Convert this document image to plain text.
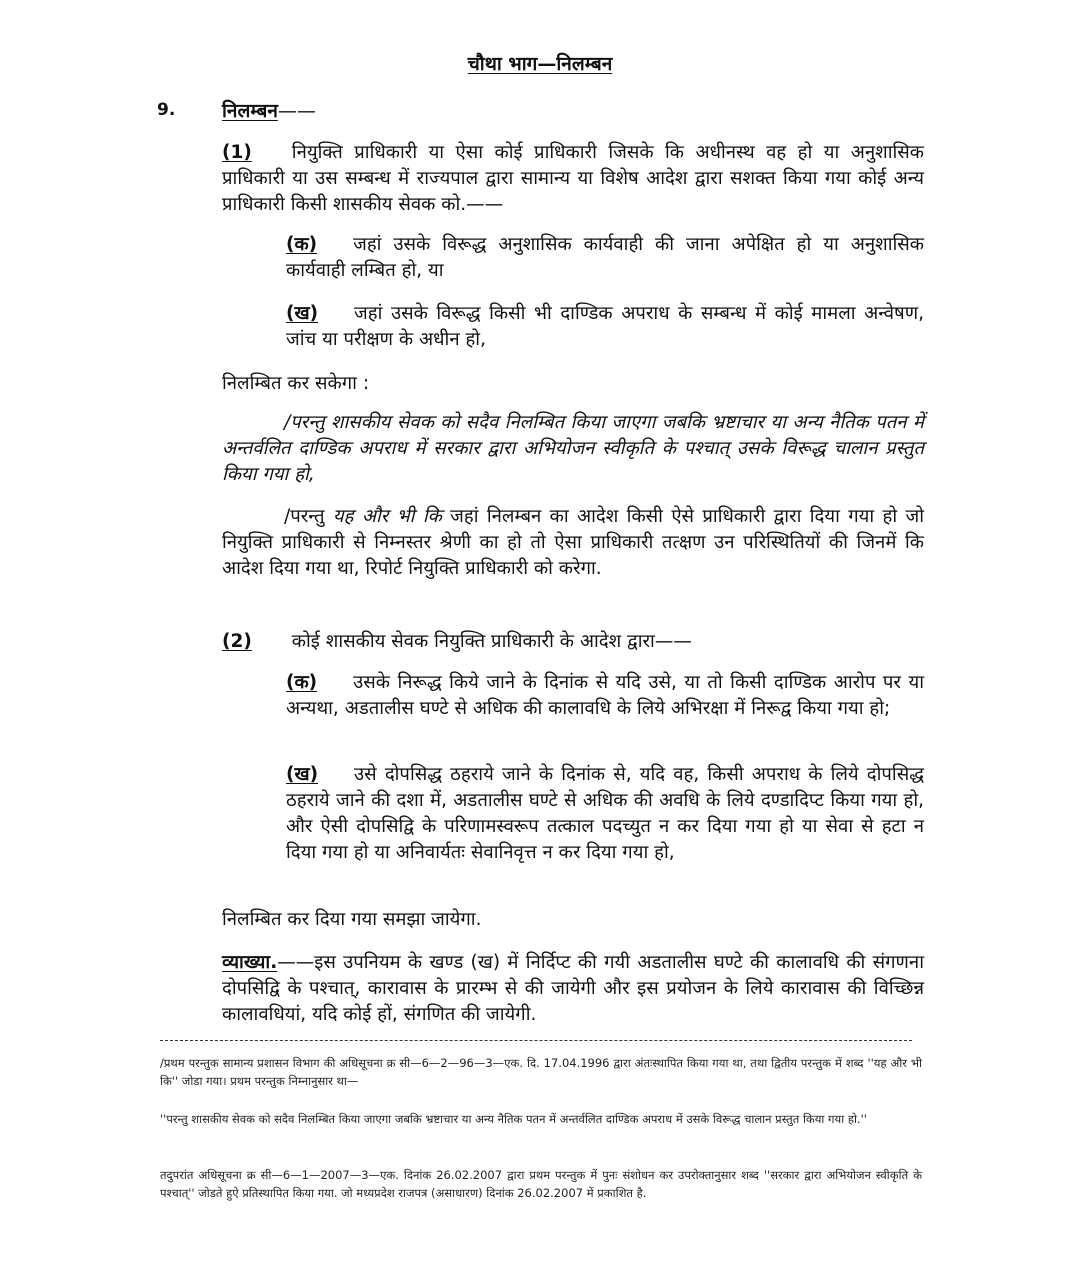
चौथा भाग—निलम्बन
9. निलम्बन——
(1) नियुक्ति प्राधिकारी या ऐसा कोई प्राधिकारी जिसके कि अधीनस्थ वह हो या अनुशासिक प्राधिकारी या उस सम्बन्ध में राज्यपाल द्वारा सामान्य या विशेष आदेश द्वारा सशक्त किया गया कोई अन्य प्राधिकारी किसी शासकीय सेवक को.——
(क) जहां उसके विरूद्ध अनुशासिक कार्यवाही की जाना अपेक्षित हो या अनुशासिक कार्यवाही लम्बित हो, या
(ख) जहां उसके विरूद्ध किसी भी दाण्डिक अपराध के सम्बन्ध में कोई मामला अन्वेषण, जांच या परीक्षण के अधीन हो,
निलम्बित कर सकेगा :
/परन्तु शासकीय सेवक को सदैव निलम्बित किया जाएगा जबकि भ्रष्टाचार या अन्य नैतिक पतन में अन्तर्वलित दाण्डिक अपराध में सरकार द्वारा अभियोजन स्वीकृति के पश्चात् उसके विरूद्ध चालान प्रस्तुत किया गया हो,
/परन्तु यह और भी कि जहां निलम्बन का आदेश किसी ऐसे प्राधिकारी द्वारा दिया गया हो जो नियुक्ति प्राधिकारी से निम्नस्तर श्रेणी का हो तो ऐसा प्राधिकारी तत्क्षण उन परिस्थितियों की जिनमें कि आदेश दिया गया था, रिपोर्ट नियुक्ति प्राधिकारी को करेगा.
(2) कोई शासकीय सेवक नियुक्ति प्राधिकारी के आदेश द्वारा——
(क) उसके निरूद्ध किये जाने के दिनांक से यदि उसे, या तो किसी दाण्डिक आरोप पर या अन्यथा, अडतालीस घण्टे से अधिक की कालावधि के लिये अभिरक्षा में निरूद्व किया गया हो;
(ख) उसे दोपसिद्ध ठहराये जाने के दिनांक से, यदि वह, किसी अपराध के लिये दोपसिद्ध ठहराये जाने की दशा में, अडतालीस घण्टे से अधिक की अवधि के लिये दण्डादिप्ट किया गया हो, और ऐसी दोपसिद्वि के परिणामस्वरूप तत्काल पदच्युत न कर दिया गया हो या सेवा से हटा न दिया गया हो या अनिवार्यतः सेवानिवृत्त न कर दिया गया हो,
निलम्बित कर दिया गया समझा जायेगा.
व्याख्या.——इस उपनियम के खण्ड (ख) में निर्दिप्ट की गयी अडतालीस घण्टे की कालावधि की संगणना दोपसिद्वि के पश्चात्, कारावास के प्रारम्भ से की जायेगी और इस प्रयोजन के लिये कारावास की विच्छिन्न कालावधियां, यदि कोई हों, संगणित की जायेगी.
/प्रथम परन्तुक सामान्य प्रशासन विभाग की अधिसूचना क्र सी—6—2—96—3—एक. दि. 17.04.1996 द्वारा अंतःस्थापित किया गया था, तथा द्वितीय परन्तुक में शब्द ''यह और भी कि'' जोडा गया। प्रथम परन्तुक निम्नानुसार था—
''परन्तु शासकीय सेवक को सदैव निलम्बित किया जाएगा जबकि भ्रष्टाचार या अन्य नैतिक पतन में अन्तर्वलित दाण्डिक अपराध में उसके विरूद्ध चालान प्रस्तुत किया गया हो.''
तदुपरांत अधिसूचना क्र सी—6—1—2007—3—एक. दिनांक 26.02.2007 द्वारा प्रथम परन्तुक में पुनः संशोधन कर उपरोक्तानुसार शब्द ''सरकार द्वारा अभियोजन स्वीकृति के पश्चात्'' जोडते हुऐ प्रतिस्थापित किया गया. जो मध्यप्रदेश राजपत्र (असाधारण) दिनांक 26.02.2007 में प्रकाशित है.
